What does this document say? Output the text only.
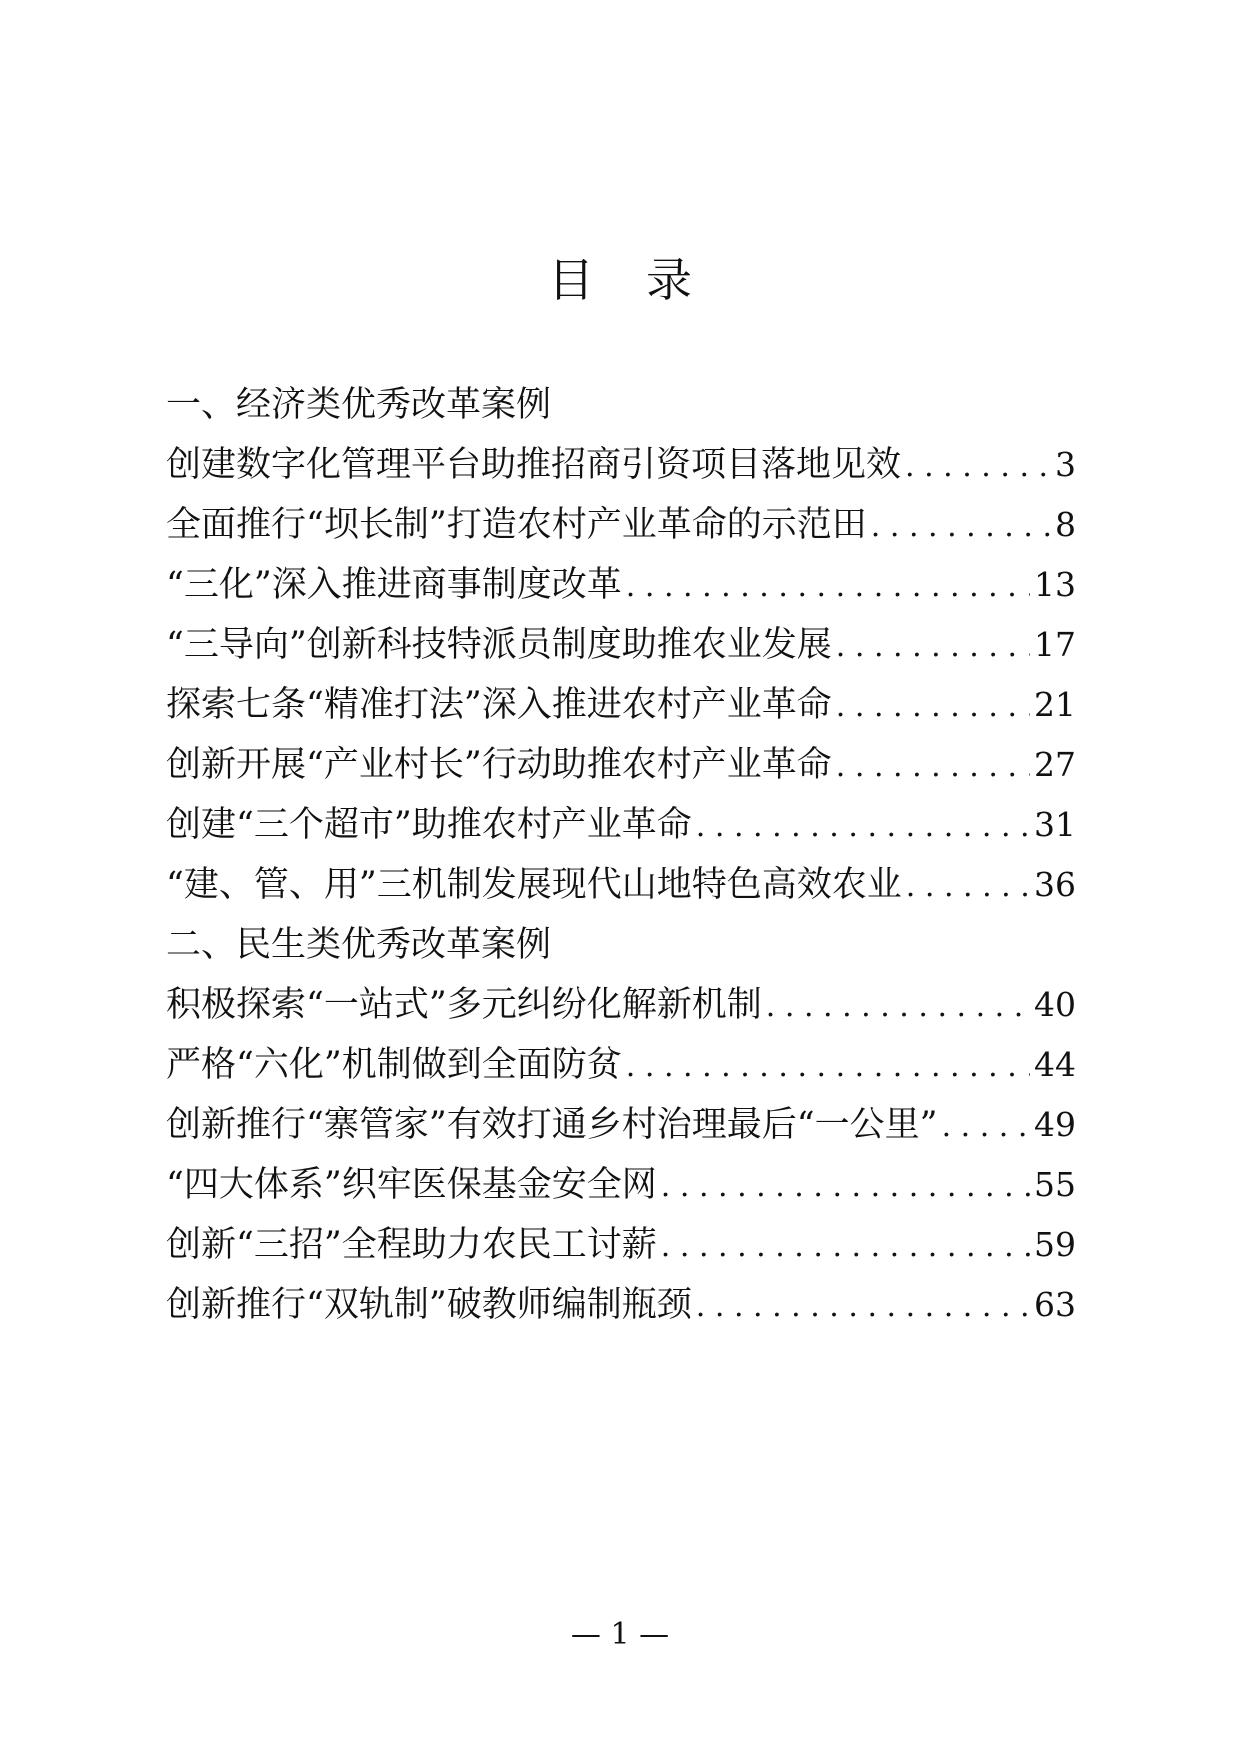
目录
一、经济类优秀改革案例
创建数字化管理平台助推招商引资项目落地见效 . . .	3
全面推行“坝长制”打造农村产业革命的示范田 . . .	8
“三化”深入推进商事制度改革 . . .	13
“三导向”创新科技特派员制度助推农业发展 . . .	17
探索七条“精准打法”深入推进农村产业革命 . . .	21
创新开展“产业村长”行动助推农村产业革命 . . .	27
创建“三个超市”助推农村产业革命 . . .	31
“建、管、用”三机制发展现代山地特色高效农业 . . .	36
二、民生类优秀改革案例
积极探索“一站式”多元纠纷化解新机制 . . .	40
严格“六化”机制做到全面防贫 . . .	44
创新推行“寨管家”有效打通乡村治理最后“一公里” . . .	49
“四大体系”织牢医保基金安全网 . . .	55
创新“三招”全程助力农民工讨薪 . . .	59
创新推行“双轨制”破教师编制瓶颈 . . .	63
— 1 —
